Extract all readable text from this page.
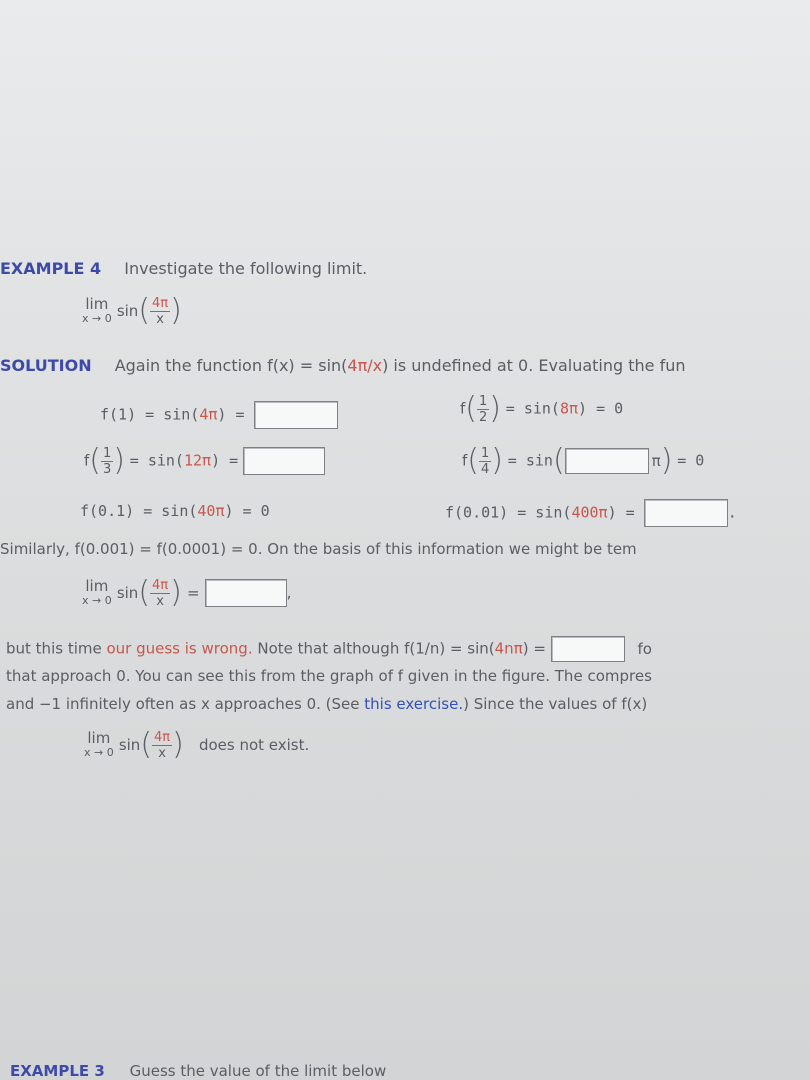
EXAMPLE 4 Investigate the following limit.
lim
x → 0 $\sin( \frac{4\pi}{x}$ )
SOLUTION Again the function f(x) = sin(4π/x) is undefined at 0. Evaluating the fun
f(1) = sin(4π) =	$f( \frac{1}{2}$ ) = sin(8π) = 0
$f( \frac{1}{3}$ ) = sin(12π) =	$f( \frac{1}{4}$ ) = sin(	π) = 0
f(0.1) = sin(40π) = 0	f(0.01) = sin(400π) =	.
Similarly, f(0.001) = f(0.0001) = 0. On the basis of this information we might be tem
lim
x → 0 $\sin( \frac{4\pi}{x}$ ) =	,
but this time our guess is wrong. Note that although f(1/n) = sin(4nπ) =	fo
that approach 0. You can see this from the graph of f given in the figure. The compres
and −1 infinitely often as x approaches 0. (See this exercise.) Since the values of f(x)
lim
x → 0 $\sin( \frac{4\pi}{x}$ ) does not exist.
EXAMPLE 3 Guess the value of the limit below
